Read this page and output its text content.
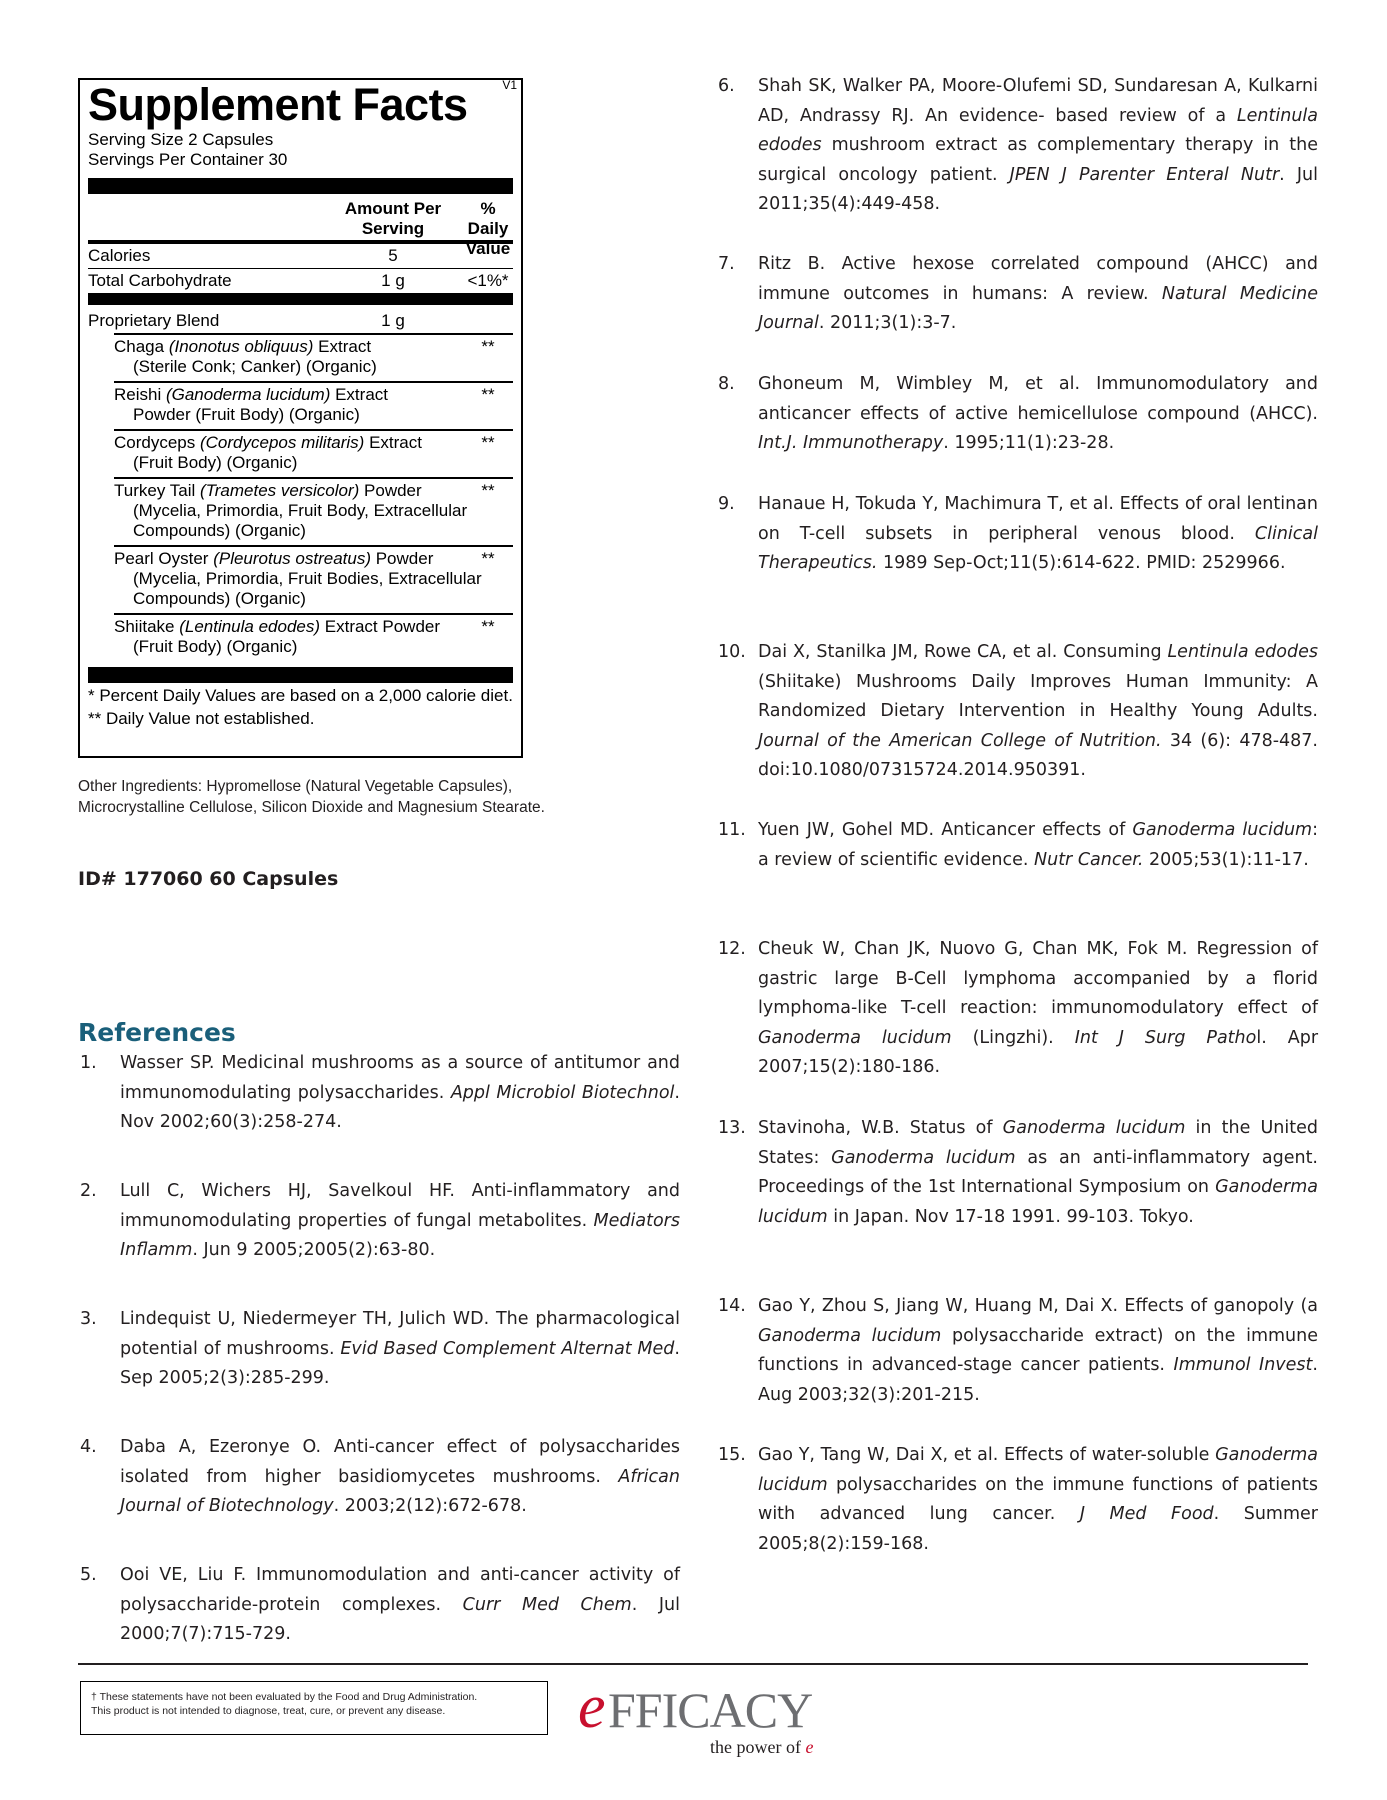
V1
Supplement Facts
Serving Size 2 Capsules
Servings Per Container 30
Amount Per Serving
% Daily Value
Calories	5
Total Carbohydrate	1 g	<1%*
Proprietary Blend	1 g
Chaga (Inonotus obliquus) Extract
(Sterile Conk; Canker) (Organic)
**
Reishi (Ganoderma lucidum) Extract
Powder (Fruit Body) (Organic)
**
Cordyceps (Cordycepos militaris) Extract
(Fruit Body) (Organic)
**
Turkey Tail (Trametes versicolor) Powder
(Mycelia, Primordia, Fruit Body, Extracellular
Compounds) (Organic)
**
Pearl Oyster (Pleurotus ostreatus) Powder
(Mycelia, Primordia, Fruit Bodies, Extracellular
Compounds) (Organic)
**
Shiitake (Lentinula edodes) Extract Powder
(Fruit Body) (Organic)
**
* Percent Daily Values are based on a 2,000 calorie diet.
** Daily Value not established.
Other Ingredients: Hypromellose (Natural Vegetable Capsules), Microcrystalline Cellulose, Silicon Dioxide and Magnesium Stearate.
ID# 177060 60 Capsules
References
1. Wasser SP. Medicinal mushrooms as a source of antitumor and immunomodulating polysaccharides. Appl Microbiol Biotechnol. Nov 2002;60(3):258-274.
2. Lull C, Wichers HJ, Savelkoul HF. Anti-inflammatory and immunomodulating properties of fungal metabolites. Mediators Inflamm. Jun 9 2005;2005(2):63-80.
3. Lindequist U, Niedermeyer TH, Julich WD. The pharmacological potential of mushrooms. Evid Based Complement Alternat Med. Sep 2005;2(3):285-299.
4. Daba A, Ezeronye O. Anti-cancer effect of polysaccharides isolated from higher basidiomycetes mushrooms. African Journal of Biotechnology. 2003;2(12):672-678.
5. Ooi VE, Liu F. Immunomodulation and anti-cancer activity of polysaccharide-protein complexes. Curr Med Chem. Jul 2000;7(7):715-729.
6. Shah SK, Walker PA, Moore-Olufemi SD, Sundaresan A, Kulkarni AD, Andrassy RJ. An evidence- based review of a Lentinula edodes mushroom extract as complementary therapy in the surgical oncology patient. JPEN J Parenter Enteral Nutr. Jul 2011;35(4):449-458.
7. Ritz B. Active hexose correlated compound (AHCC) and immune outcomes in humans: A review. Natural Medicine Journal. 2011;3(1):3-7.
8. Ghoneum M, Wimbley M, et al. Immunomodulatory and anticancer effects of active hemicellulose compound (AHCC). Int.J. Immunotherapy. 1995;11(1):23-28.
9. Hanaue H, Tokuda Y, Machimura T, et al. Effects of oral lentinan on T-cell subsets in peripheral venous blood. Clinical Therapeutics. 1989 Sep-Oct;11(5):614-622. PMID: 2529966.
10. Dai X, Stanilka JM, Rowe CA, et al. Consuming Lentinula edodes (Shiitake) Mushrooms Daily Improves Human Immunity: A Randomized Dietary Intervention in Healthy Young Adults. Journal of the American College of Nutrition. 34 (6): 478-487. doi:10.1080/07315724.2014.950391.
11. Yuen JW, Gohel MD. Anticancer effects of Ganoderma lucidum: a review of scientific evidence. Nutr Cancer. 2005;53(1):11-17.
12. Cheuk W, Chan JK, Nuovo G, Chan MK, Fok M. Regression of gastric large B-Cell lymphoma accompanied by a florid lymphoma-like T-cell reaction: immunomodulatory effect of Ganoderma lucidum (Lingzhi). Int J Surg Pathol. Apr 2007;15(2):180-186.
13. Stavinoha, W.B. Status of Ganoderma lucidum in the United States: Ganoderma lucidum as an anti-inflammatory agent. Proceedings of the 1st International Symposium on Ganoderma lucidum in Japan. Nov 17-18 1991. 99-103. Tokyo.
14. Gao Y, Zhou S, Jiang W, Huang M, Dai X. Effects of ganopoly (a Ganoderma lucidum polysaccharide extract) on the immune functions in advanced-stage cancer patients. Immunol Invest. Aug 2003;32(3):201-215.
15. Gao Y, Tang W, Dai X, et al. Effects of water-soluble Ganoderma lucidum polysaccharides on the immune functions of patients with advanced lung cancer. J Med Food. Summer 2005;8(2):159-168.
† These statements have not been evaluated by the Food and Drug Administration.
This product is not intended to diagnose, treat, cure, or prevent any disease.	e FFICACY
the power of e
